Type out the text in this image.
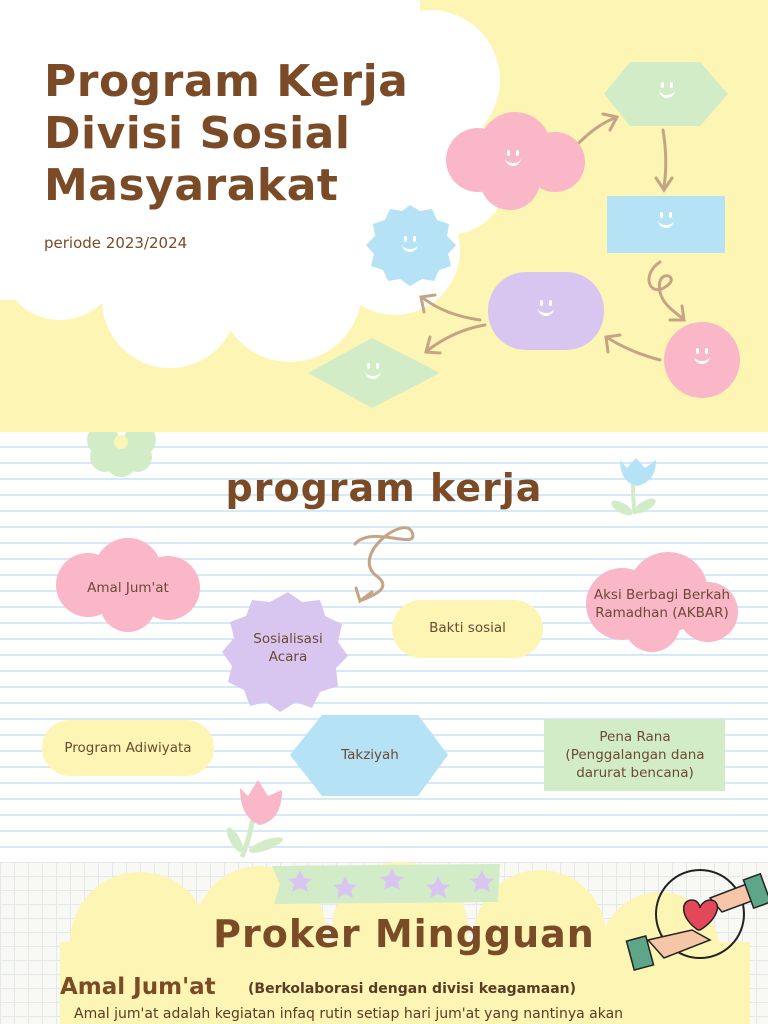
Program Kerja
Divisi Sosial
Masyarakat
periode 2023/2024
program kerja
Amal Jum'at
Sosialisasi Acara
Bakti sosial
Aksi Berbagi Berkah Ramadhan (AKBAR)
Program Adiwiyata	Takziyah
Pena Rana (Penggalangan dana darurat bencana)
Proker Mingguan
Amal Jum'at (Berkolaborasi dengan divisi keagamaan)
Amal jum'at adalah kegiatan infaq rutin setiap hari jum'at yang nantinya akan
